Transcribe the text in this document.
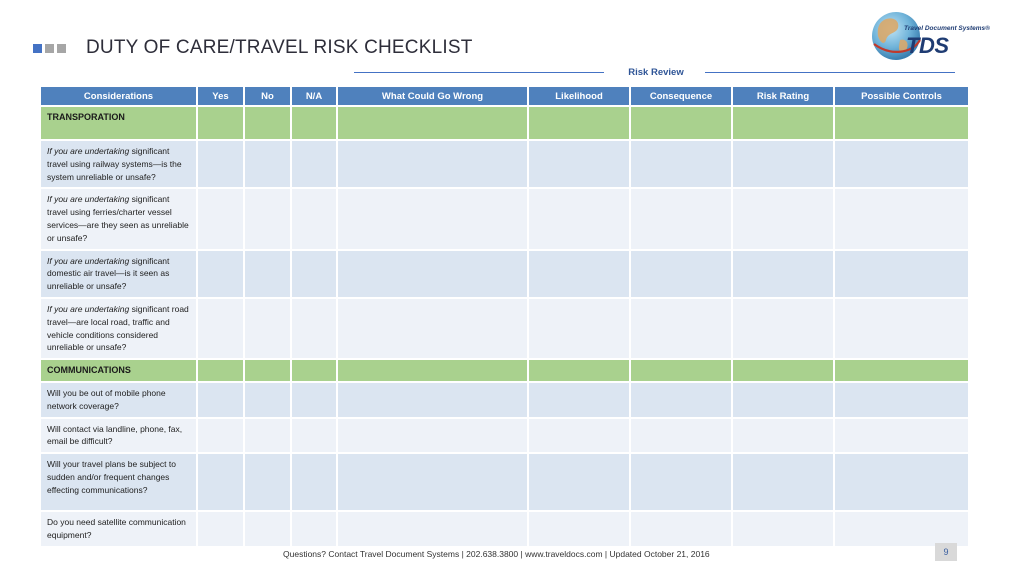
DUTY OF CARE/TRAVEL RISK CHECKLIST
Travel Document Systems®
TDS
Risk Review
Considerations	Yes	No	N/A	What Could Go Wrong	Likelihood	Consequence	Risk Rating	Possible Controls
TRANSPORATION								
If you are undertaking significant travel using railway systems—is the system unreliable or unsafe?								
If you are undertaking significant travel using ferries/charter vessel services—are they seen as unreliable or unsafe?								
If you are undertaking significant domestic air travel—is it seen as unreliable or unsafe?								
If you are undertaking significant road travel—are local road, traffic and vehicle conditions considered unreliable or unsafe?								
COMMUNICATIONS								
Will you be out of mobile phone network coverage?								
Will contact via landline, phone, fax, email be difficult?								
Will your travel plans be subject to sudden and/or frequent changes effecting communications?								
Do you need satellite communication equipment?								
Questions? Contact Travel Document Systems | 202.638.3800 | www.traveldocs.com | Updated October 21, 2016	9
